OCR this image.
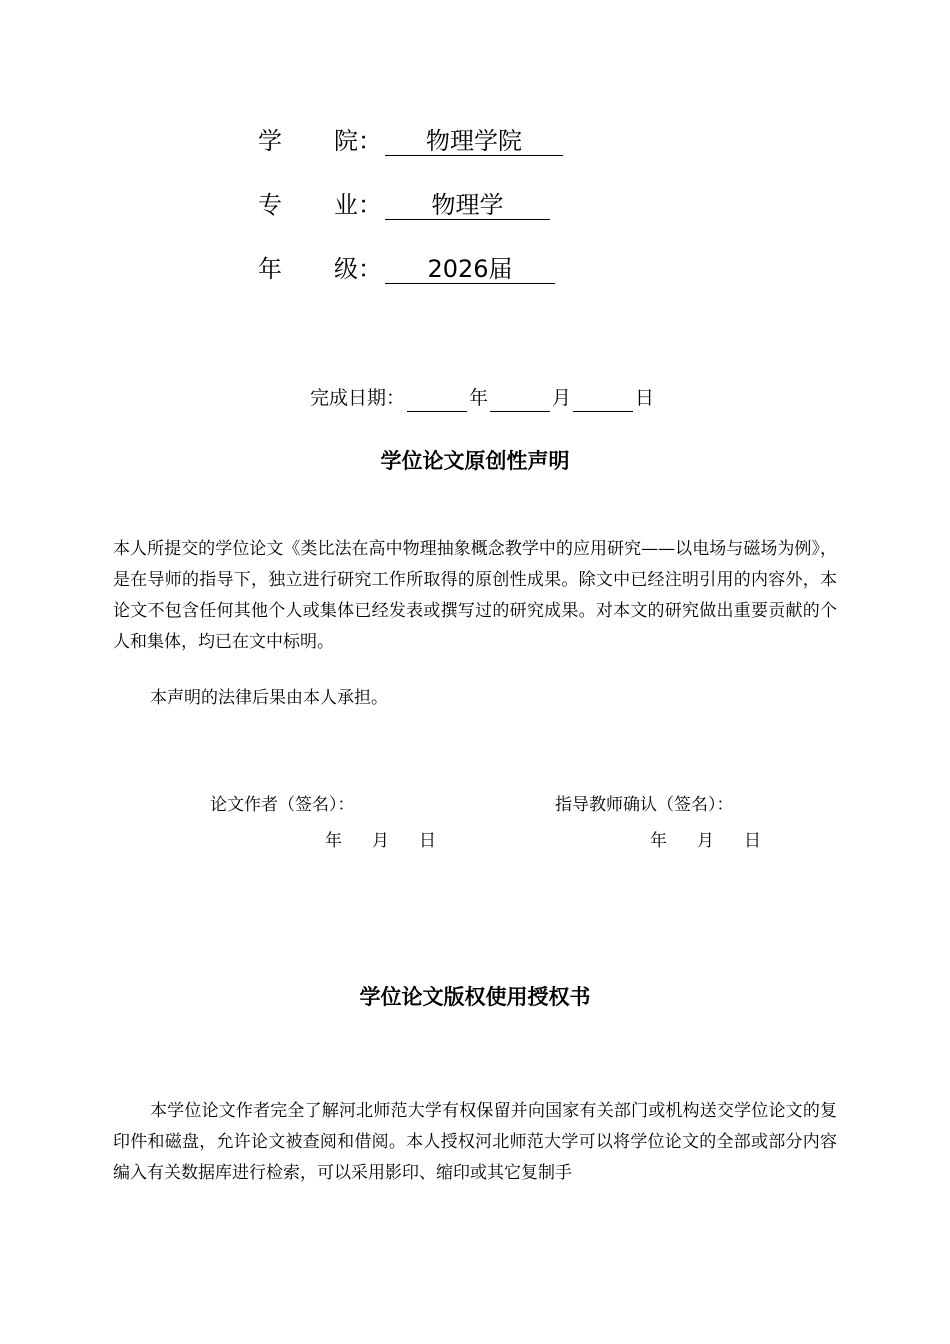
学 院：	物理学院
专 业：	物理学
年 级：	2026届
完成日期：	年	月	日
学位论文原创性声明
本人所提交的学位论文《类比法在高中物理抽象概念教学中的应用研究——以电场与磁场为例》，是在导师的指导下，独立进行研究工作所取得的原创性成果。除文中已经注明引用的内容外，本论文不包含任何其他个人或集体已经发表或撰写过的研究成果。对本文的研究做出重要贡献的个人和集体，均已在文中标明。
本声明的法律后果由本人承担。
论文作者（签名）：	指导教师确认（签名）：
年 月 日	年 月 日
学位论文版权使用授权书
本学位论文作者完全了解河北师范大学有权保留并向国家有关部门或机构送交学位论文的复印件和磁盘，允许论文被查阅和借阅。本人授权河北师范大学可以将学位论文的全部或部分内容编入有关数据库进行检索，可以采用影印、缩印或其它复制手
